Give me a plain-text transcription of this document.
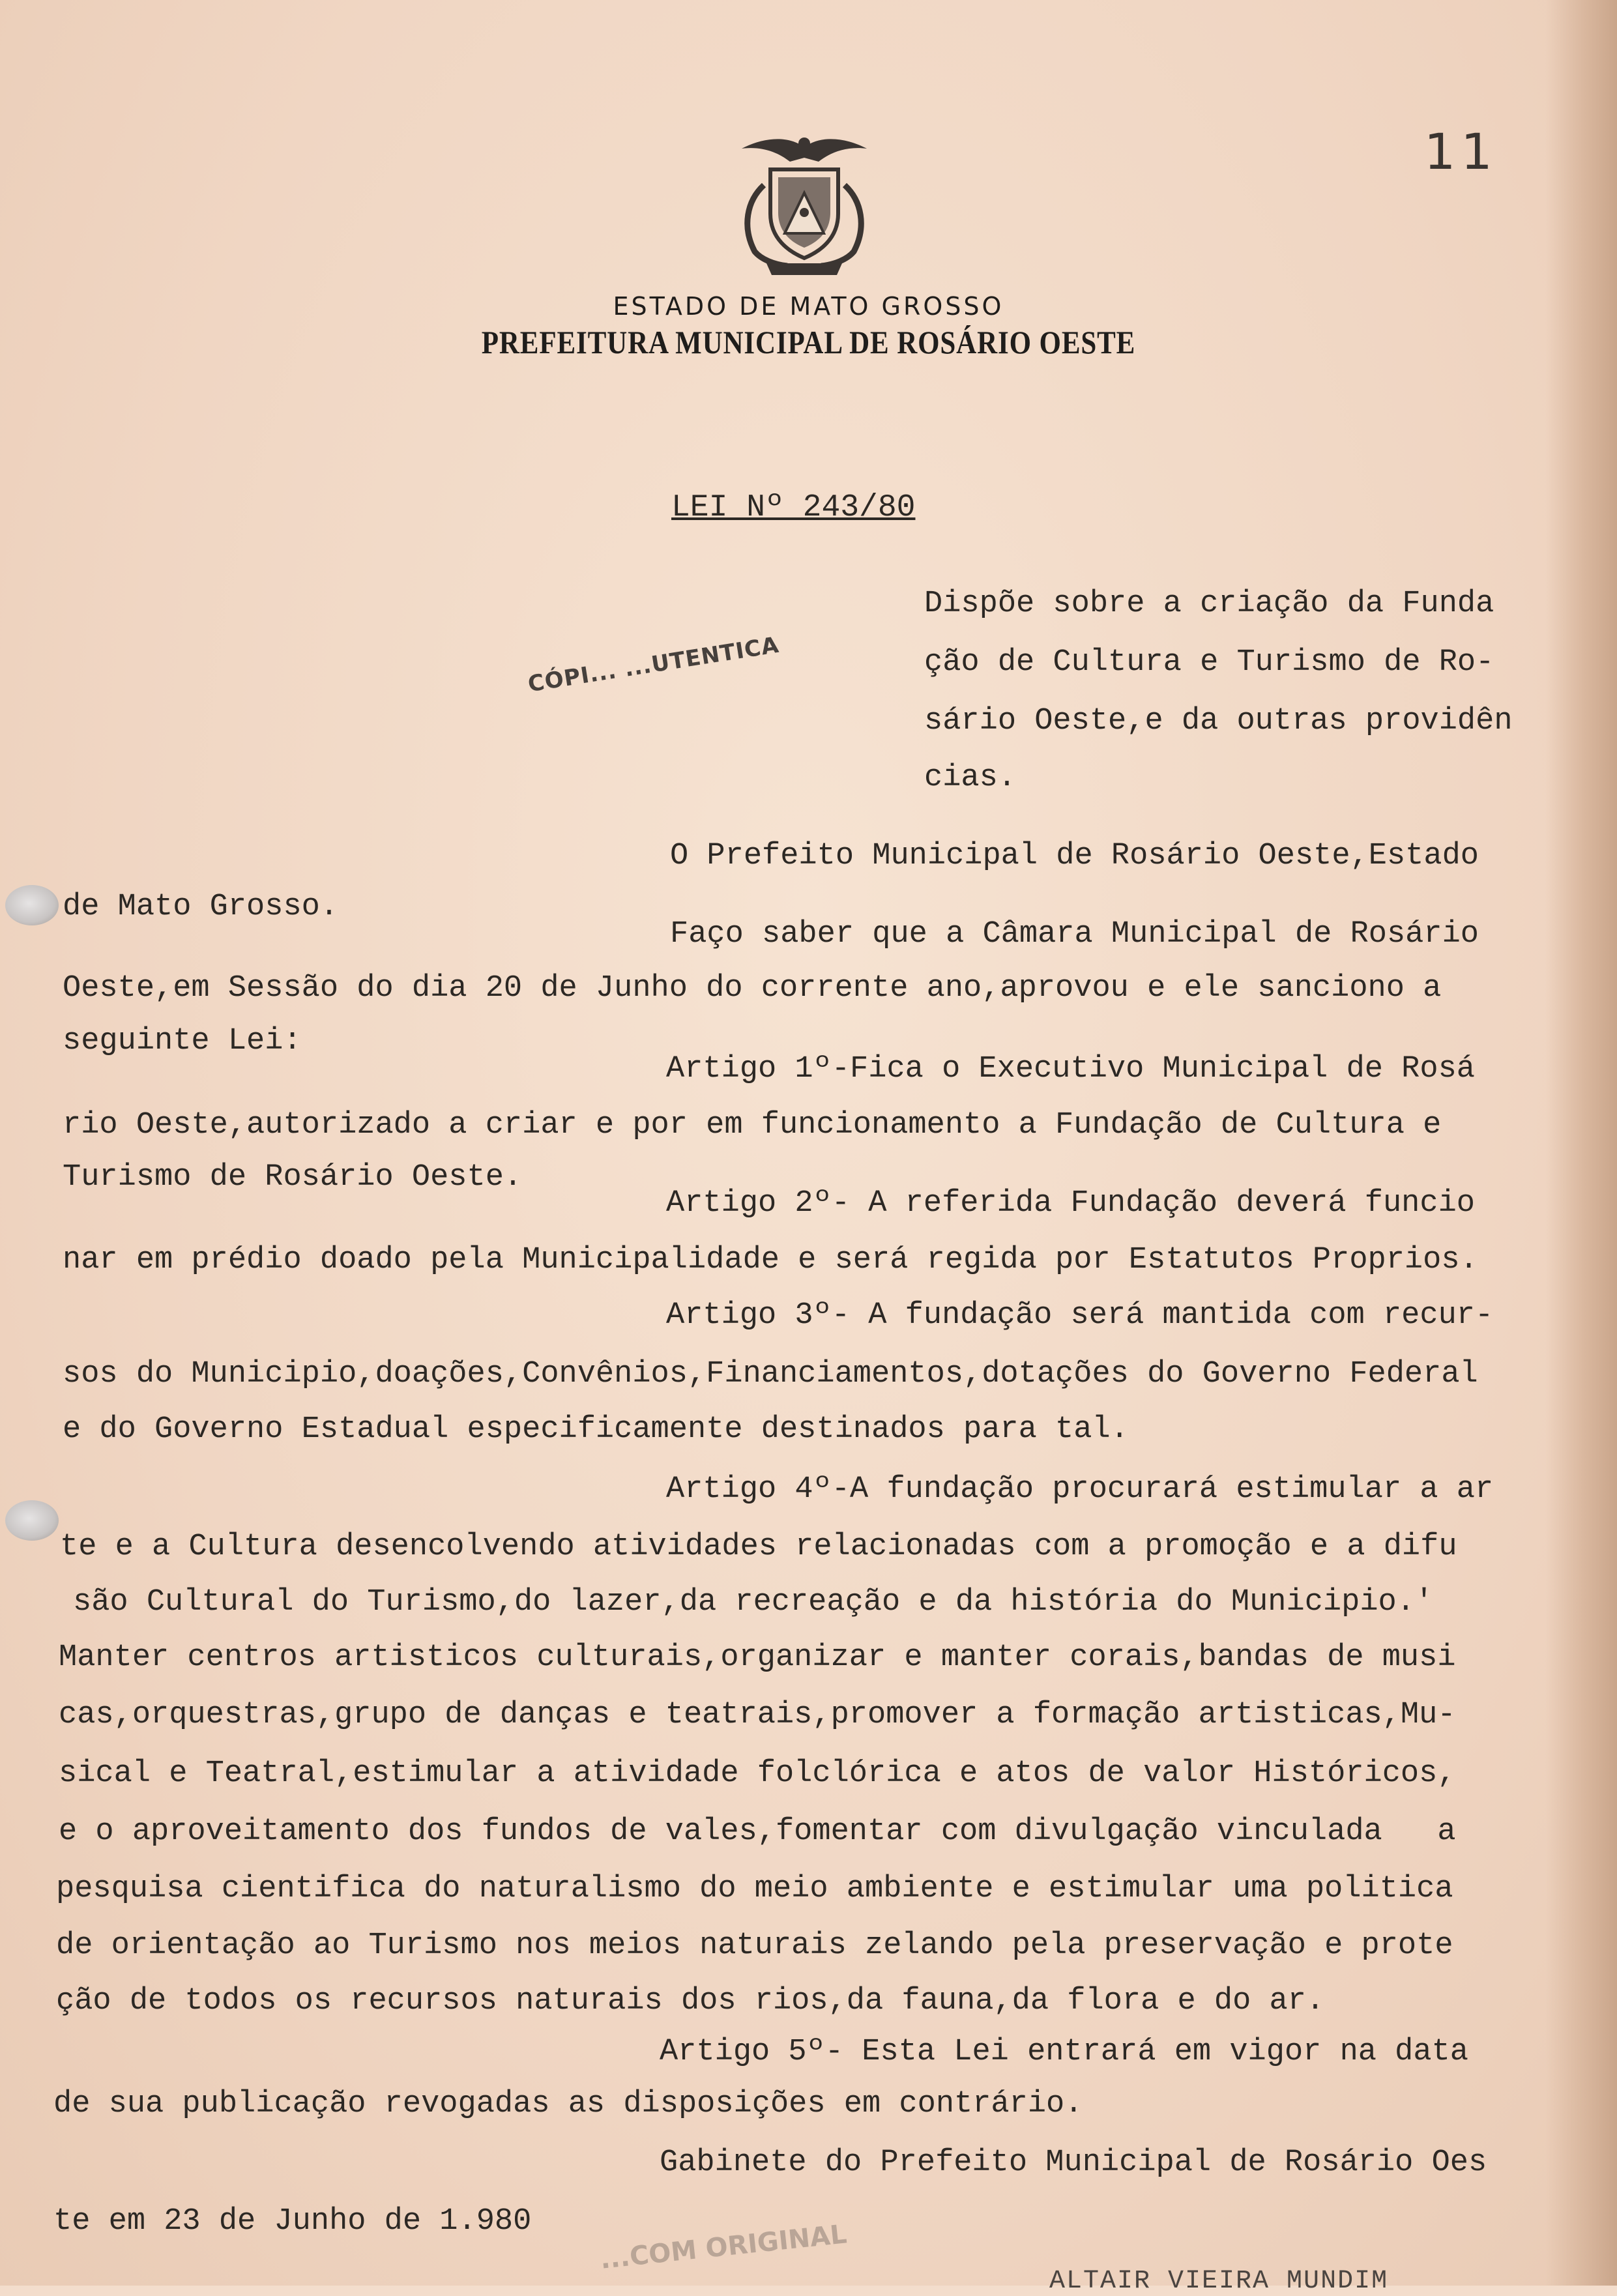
ESTADO DE MATO GROSSO
PREFEITURA MUNICIPAL DE ROSÁRIO OESTE
11
LEI Nº 243/80
CÓPI... ...UTENTICA
Dispõe sobre a criação da Funda
ção de Cultura e Turismo de Ro-
sário Oeste,e da outras providên
cias.
O Prefeito Municipal de Rosário Oeste,Estado
de Mato Grosso.
Faço saber que a Câmara Municipal de Rosário
Oeste,em Sessão do dia 20 de Junho do corrente ano,aprovou e ele sanciono a
seguinte Lei:
Artigo 1º-Fica o Executivo Municipal de Rosá
rio Oeste,autorizado a criar e por em funcionamento a Fundação de Cultura e
Turismo de Rosário Oeste.
Artigo 2º- A referida Fundação deverá funcio
nar em prédio doado pela Municipalidade e será regida por Estatutos Proprios.
Artigo 3º- A fundação será mantida com recur-
sos do Municipio,doações,Convênios,Financiamentos,dotações do Governo Federal
e do Governo Estadual especificamente destinados para tal.
Artigo 4º-A fundação procurará estimular a ar
te e a Cultura desencolvendo atividades relacionadas com a promoção e a difu
são Cultural do Turismo,do lazer,da recreação e da história do Municipio.'
Manter centros artisticos culturais,organizar e manter corais,bandas de musi
cas,orquestras,grupo de danças e teatrais,promover a formação artisticas,Mu-
sical e Teatral,estimular a atividade folclórica e atos de valor Históricos,
e o aproveitamento dos fundos de vales,fomentar com divulgação vinculada   a
pesquisa cientifica do naturalismo do meio ambiente e estimular uma politica
de orientação ao Turismo nos meios naturais zelando pela preservação e prote
ção de todos os recursos naturais dos rios,da fauna,da flora e do ar.
Artigo 5º- Esta Lei entrará em vigor na data
de sua publicação revogadas as disposições em contrário.
Gabinete do Prefeito Municipal de Rosário Oes
te em 23 de Junho de 1.980	...COM ORIGINAL
ALTAIR VIEIRA MUNDIM
